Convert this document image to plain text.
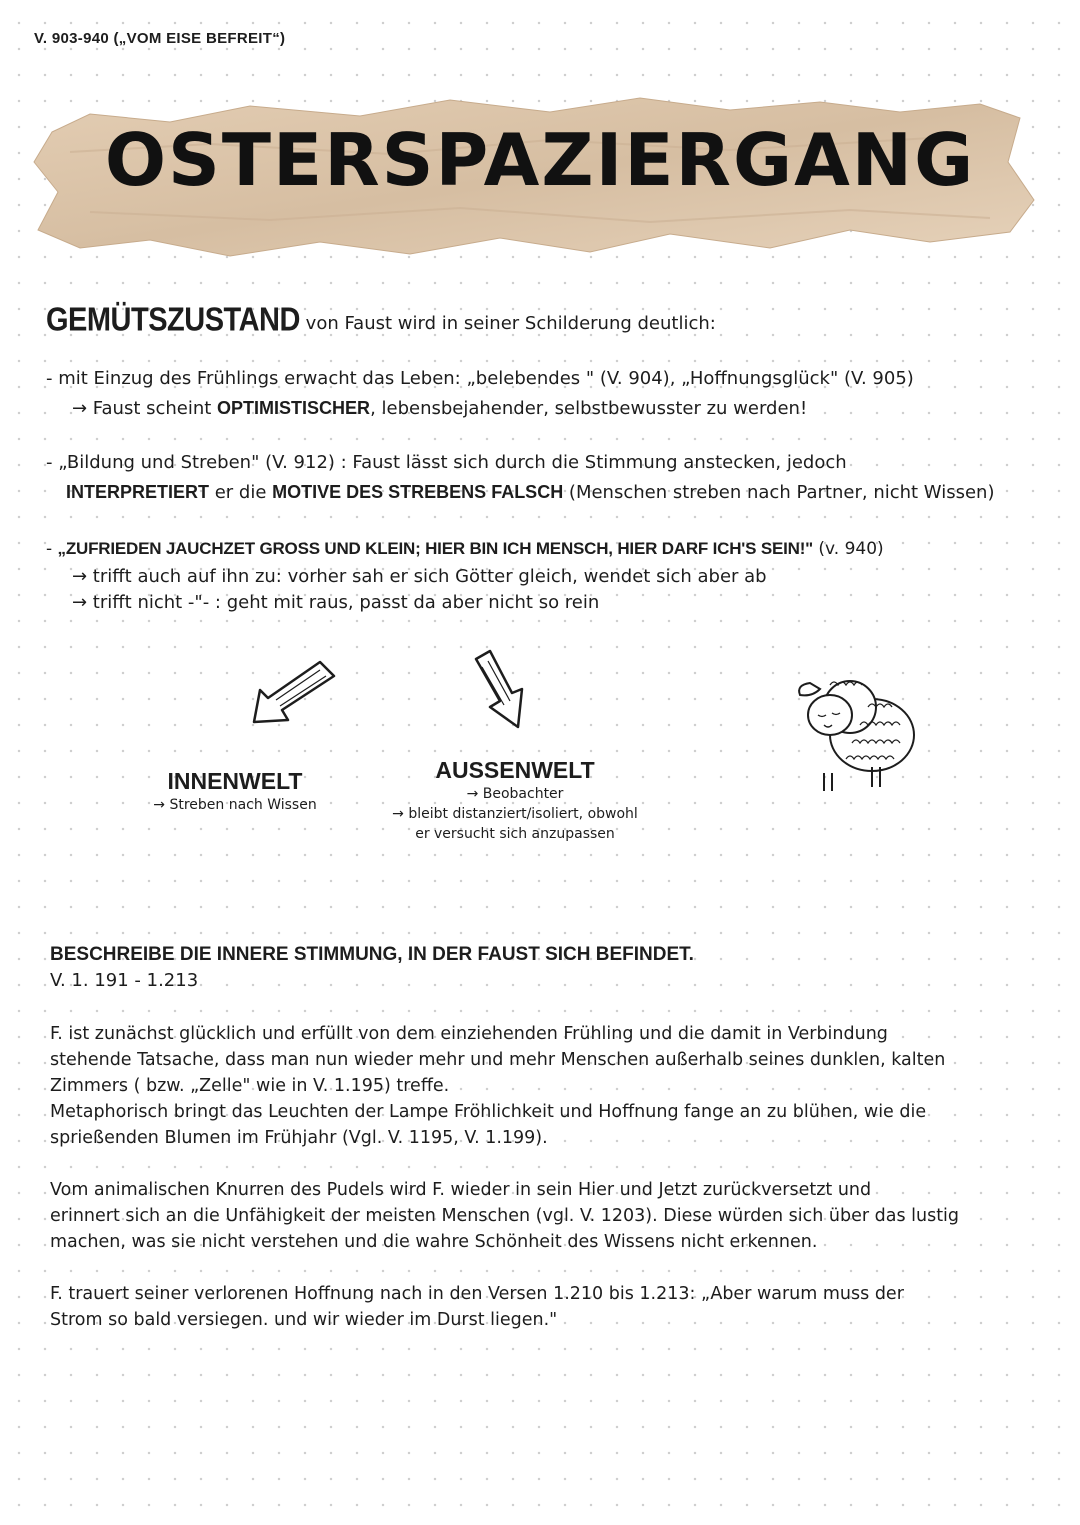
V. 903-940 („VOM EISE BEFREIT“)
OSTERSPAZIERGANG
GEMÜTSZUSTAND von Faust wird in seiner Schilderung deutlich:
- mit Einzug des Frühlings erwacht das Leben: „belebendes " (V. 904), „Hoffnungsglück" (V. 905)
→ Faust scheint OPTIMISTISCHER, lebensbejahender, selbstbewusster zu werden!
- „Bildung und Streben" (V. 912) : Faust lässt sich durch die Stimmung anstecken, jedoch
INTERPRETIERT er die MOTIVE DES STREBENS FALSCH (Menschen streben nach Partner, nicht Wissen)
- „ZUFRIEDEN JAUCHZET GROSS UND KLEIN; HIER BIN ICH MENSCH, HIER DARF ICH'S SEIN!" (v. 940)
→ trifft auch auf ihn zu: vorher sah er sich Götter gleich, wendet sich aber ab
→ trifft nicht -"- : geht mit raus, passt da aber nicht so rein
INNENWELT
→ Streben nach Wissen
AUSSENWELT
→ Beobachter
→ bleibt distanziert/isoliert, obwohl
er versucht sich anzupassen
BESCHREIBE DIE INNERE STIMMUNG, IN DER FAUST SICH BEFINDET.
V. 1. 191 - 1.213

F. ist zunächst glücklich und erfüllt von dem einziehenden Frühling und die damit in Verbindung

stehende Tatsache, dass man nun wieder mehr und mehr Menschen außerhalb seines dunklen, kalten

Zimmers ( bzw. „Zelle" wie in V. 1.195) treffe.

Metaphorisch bringt das Leuchten der Lampe Fröhlichkeit und Hoffnung fange an zu blühen, wie die

sprießenden Blumen im Frühjahr (Vgl. V. 1195, V. 1.199).

Vom animalischen Knurren des Pudels wird F. wieder in sein Hier und Jetzt zurückversetzt und

erinnert sich an die Unfähigkeit der meisten Menschen (vgl. V. 1203). Diese würden sich über das lustig

machen, was sie nicht verstehen und die wahre Schönheit des Wissens nicht erkennen.

F. trauert seiner verlorenen Hoffnung nach in den Versen 1.210 bis 1.213: „Aber warum muss der

Strom so bald versiegen. und wir wieder im Durst liegen."
